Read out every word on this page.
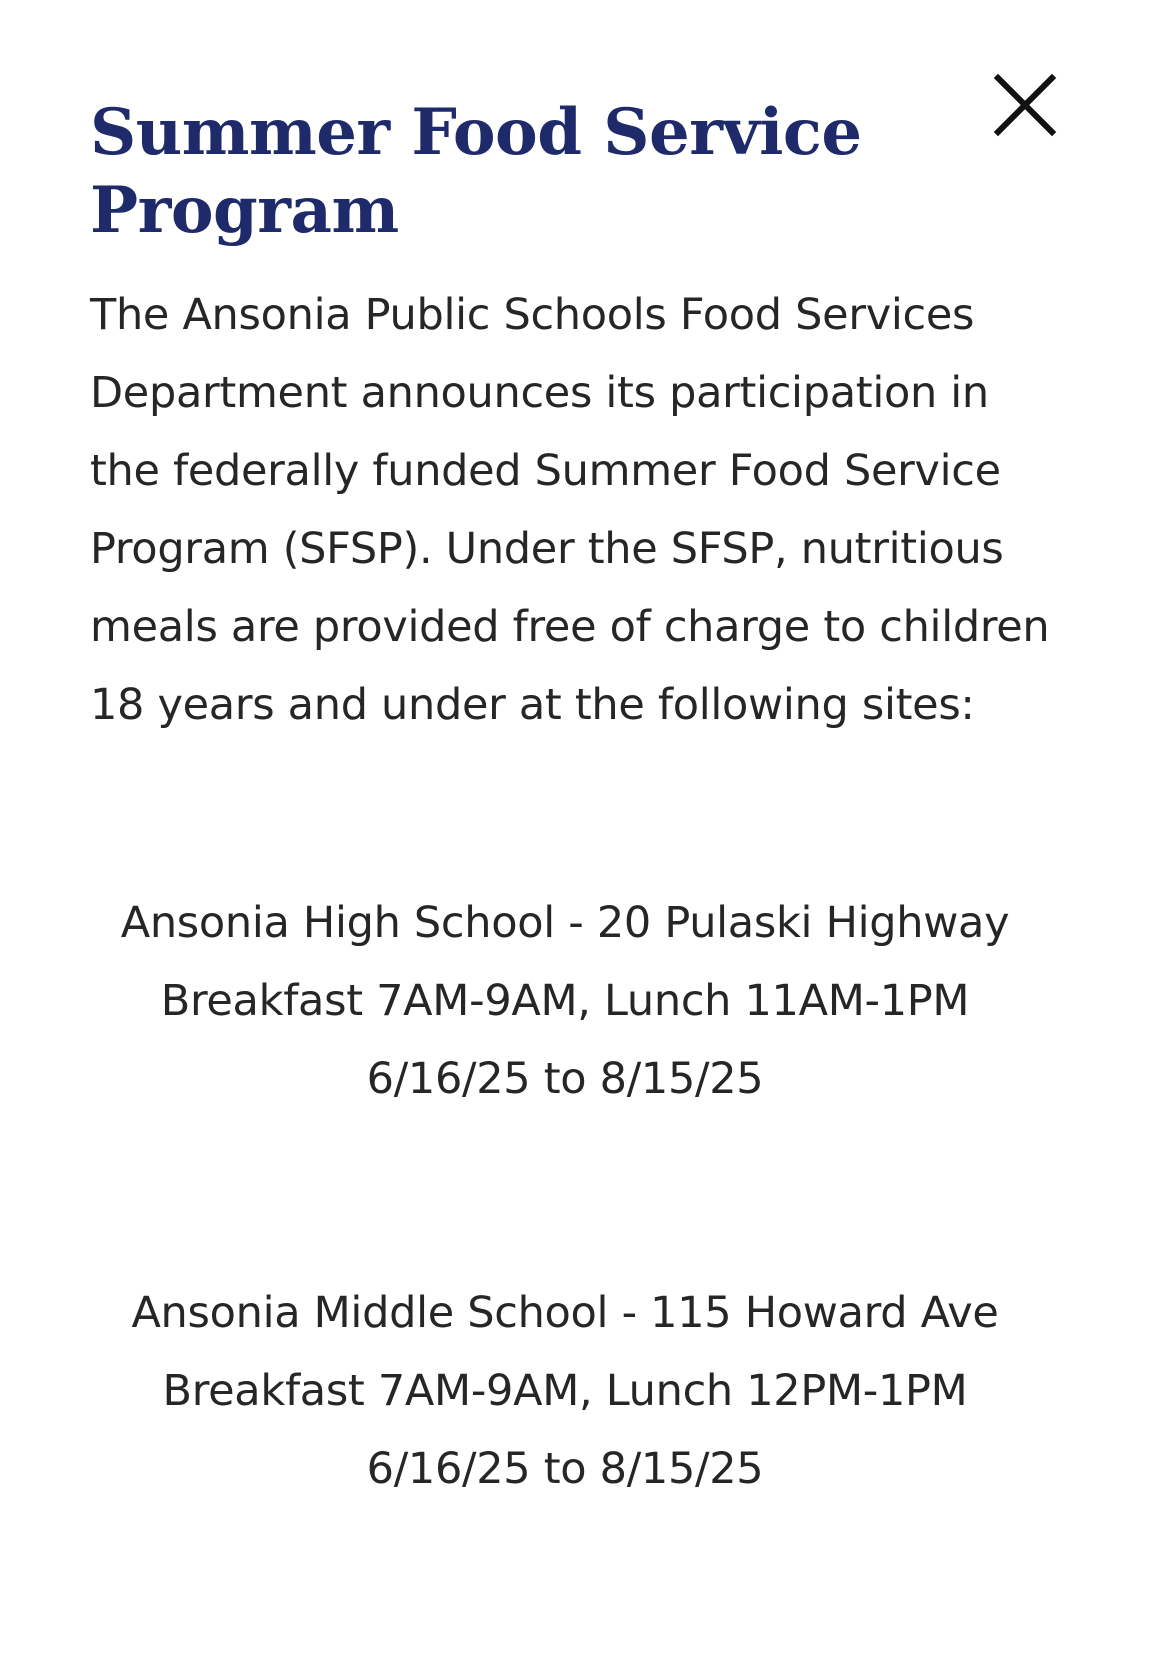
Summer Food Service Program

The Ansonia Public Schools Food Services Department announces its participation in the federally funded Summer Food Service Program (SFSP). Under the SFSP, nutritious meals are provided free of charge to children 18 years and under at the following sites:

Ansonia High School - 20 Pulaski Highway

Breakfast 7AM-9AM, Lunch 11AM-1PM

6/16/25 to 8/15/25

Ansonia Middle School - 115 Howard Ave

Breakfast 7AM-9AM, Lunch 12PM-1PM

6/16/25 to 8/15/25
